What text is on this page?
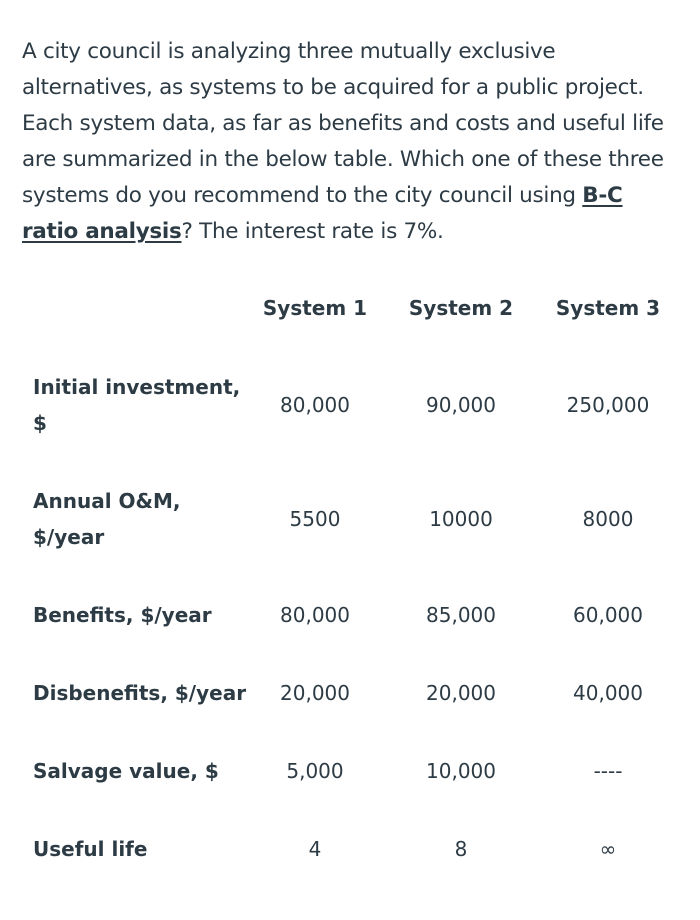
A city council is analyzing three mutually exclusive alternatives, as systems to be acquired for a public project. Each system data, as far as benefits and costs and useful life are summarized in the below table. Which one of these three systems do you recommend to the city council using B-C ratio analysis? The interest rate is 7%.

System 1 System 2 System 3
Initial investment,
$
80,000	90,000	250,000
Annual O&M,
$/year
5500	10000	8000
Benefits, $/year	80,000	85,000	60,000
Disbenefits, $/year 20,000	20,000	40,000
Salvage value, $	5,000	10,000	----
Useful life	4	8	∞
